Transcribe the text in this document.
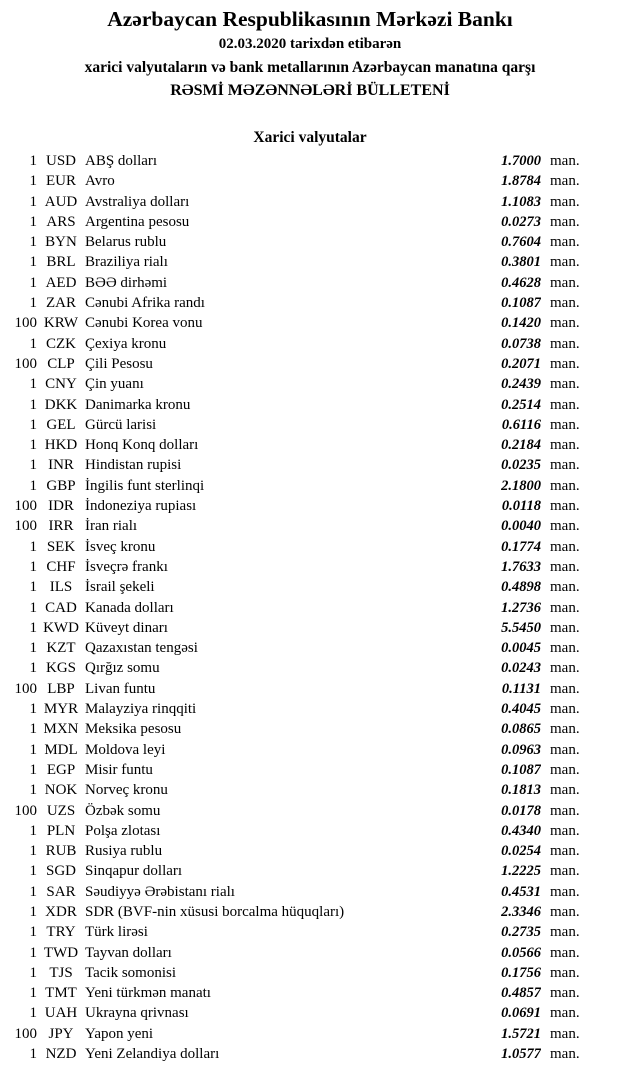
Azərbaycan Respublikasının Mərkəzi Bankı
02.03.2020 tarixdən etibarən
xarici valyutaların və bank metallarının Azərbaycan manatına qarşı
RƏSMİ MƏZƏNNƏLƏRİ BÜLLETENİ
Xarici valyutalar
1 USD ABŞ dolları	1.7000 man.
1 EUR Avro	1.8784 man.
1 AUD Avstraliya dolları	1.1083 man.
1 ARS Argentina pesosu	0.0273 man.
1 BYN Belarus rublu	0.7604 man.
1 BRL Braziliya rialı	0.3801 man.
1 AED BƏƏ dirhəmi	0.4628 man.
1 ZAR Cənubi Afrika randı	0.1087 man.
100 KRW Cənubi Korea vonu	0.1420 man.
1 CZK Çexiya kronu	0.0738 man.
100 CLP Çili Pesosu	0.2071 man.
1 CNY Çin yuanı	0.2439 man.
1 DKK Danimarka kronu	0.2514 man.
1 GEL Gürcü larisi	0.6116 man.
1 HKD Honq Konq dolları	0.2184 man.
1 INR Hindistan rupisi	0.0235 man.
1 GBP İngilis funt sterlinqi	2.1800 man.
100 IDR İndoneziya rupiası	0.0118 man.
100 IRR İran rialı	0.0040 man.
1 SEK İsveç kronu	0.1774 man.
1 CHF İsveçrə frankı	1.7633 man.
1 ILS İsrail şekeli	0.4898 man.
1 CAD Kanada dolları	1.2736 man.
1 KWD Küveyt dinarı	5.5450 man.
1 KZT Qazaxıstan tengəsi	0.0045 man.
1 KGS Qırğız somu	0.0243 man.
100 LBP Livan funtu	0.1131 man.
1 MYR Malayziya rinqqiti	0.4045 man.
1 MXN Meksika pesosu	0.0865 man.
1 MDL Moldova leyi	0.0963 man.
1 EGP Misir funtu	0.1087 man.
1 NOK Norveç kronu	0.1813 man.
100 UZS Özbək somu	0.0178 man.
1 PLN Polşa zlotası	0.4340 man.
1 RUB Rusiya rublu	0.0254 man.
1 SGD Sinqapur dolları	1.2225 man.
1 SAR Səudiyyə Ərəbistanı rialı	0.4531 man.
1 XDR SDR (BVF-nin xüsusi borcalma hüquqları)	2.3346 man.
1 TRY Türk lirəsi	0.2735 man.
1 TWD Tayvan dolları	0.0566 man.
1 TJS Tacik somonisi	0.1756 man.
1 TMT Yeni türkmən manatı	0.4857 man.
1 UAH Ukrayna qrivnası	0.0691 man.
100 JPY Yapon yeni	1.5721 man.
1 NZD Yeni Zelandiya dolları	1.0577 man.
